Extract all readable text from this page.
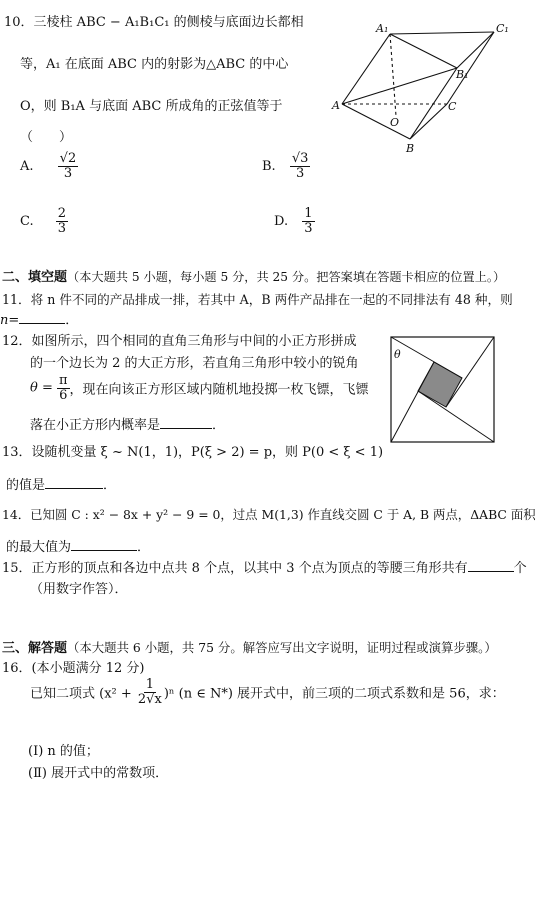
10．三棱柱 ABC − A₁B₁C₁ 的侧棱与底面边长都相
等，A₁ 在底面 ABC 内的射影为△ABC 的中心
O，则 B₁A 与底面 ABC 所成角的正弦值等于
（　　）
A. $\frac{√2}{3}$	B. $\frac{√3}{3}$
C. $\frac{2}{3}$	D. $\frac{1}{3}$
A₁	C₁
B₁
A
O
C
B
二、填空题（本大题共 5 小题，每小题 5 分，共 25 分。把答案填在答题卡相应的位置上。）
11．将 n 件不同的产品排成一排，若其中 A，B 两件产品排在一起的不同排法有 48 种，则
n=	．
12．如图所示，四个相同的直角三角形与中间的小正方形拼成
的一个边长为 2 的大正方形，若直角三角形中较小的锐角
$\theta = \frac{\pi}{6}$ ，现在向该正方形区域内随机地投掷一枚飞镖，飞镖
落在小正方形内概率是	．
θ
13．设随机变量 ξ ~ N(1，1)，P(ξ > 2) = p，则 P(0 < ξ < 1)
的值是	．
14．已知圆 C : x² − 8x + y² − 9 = 0，过点 M(1,3) 作直线交圆 C 于 A, B 两点，ΔABC 面积
的最大值为	．
15．正方形的顶点和各边中点共 8 个点，以其中 3 个点为顶点的等腰三角形共有	个
（用数字作答）．
三、解答题（本大题共 6 小题，共 75 分。解答应写出文字说明，证明过程或演算步骤。）
16．(本小题满分 12 分)
已知二项式 $(x^2 + \frac{1}{2√x} )^n$ (n ∈ N*) 展开式中，前三项的二项式系数和是 56，求：
(Ⅰ) n 的值；
(Ⅱ) 展开式中的常数项．
